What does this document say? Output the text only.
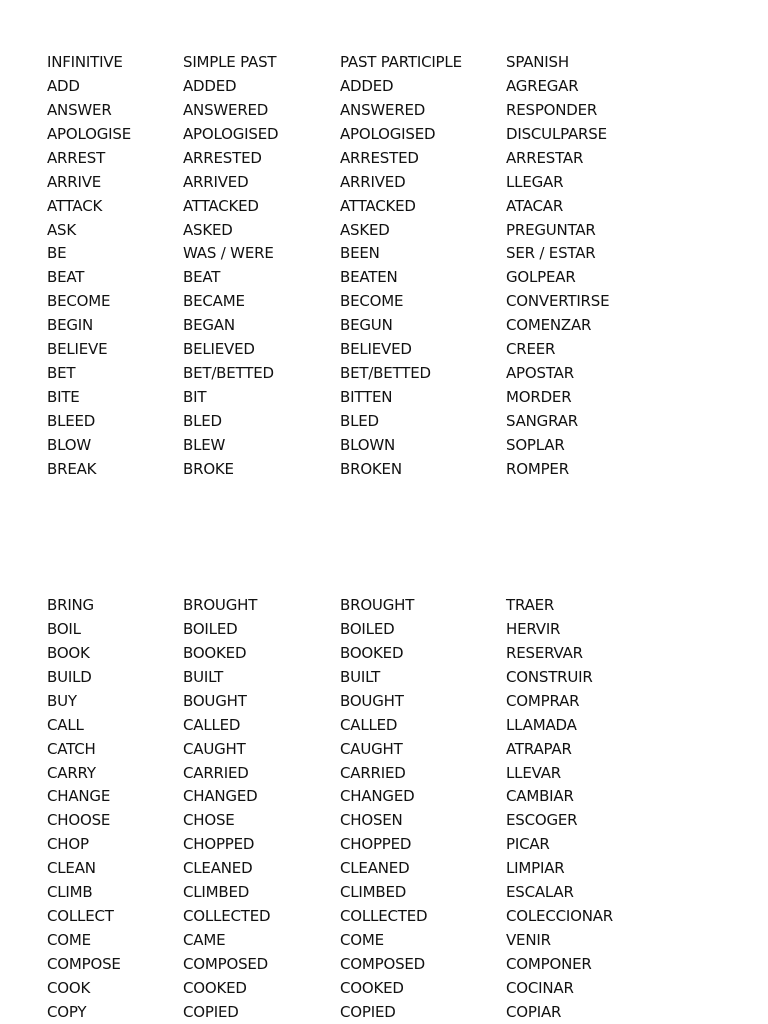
INFINITIVE	SIMPLE PAST	PAST PARTICIPLE	SPANISH
ADD	ADDED	ADDED	AGREGAR
ANSWER	ANSWERED	ANSWERED	RESPONDER
APOLOGISE	APOLOGISED	APOLOGISED	DISCULPARSE
ARREST	ARRESTED	ARRESTED	ARRESTAR
ARRIVE	ARRIVED	ARRIVED	LLEGAR
ATTACK	ATTACKED	ATTACKED	ATACAR
ASK	ASKED	ASKED	PREGUNTAR
BE	WAS / WERE	BEEN	SER / ESTAR
BEAT	BEAT	BEATEN	GOLPEAR
BECOME	BECAME	BECOME	CONVERTIRSE
BEGIN	BEGAN	BEGUN	COMENZAR
BELIEVE	BELIEVED	BELIEVED	CREER
BET	BET/BETTED	BET/BETTED	APOSTAR
BITE	BIT	BITTEN	MORDER
BLEED	BLED	BLED	SANGRAR
BLOW	BLEW	BLOWN	SOPLAR
BREAK	BROKE	BROKEN	ROMPER
BRING	BROUGHT	BROUGHT	TRAER
BOIL	BOILED	BOILED	HERVIR
BOOK	BOOKED	BOOKED	RESERVAR
BUILD	BUILT	BUILT	CONSTRUIR
BUY	BOUGHT	BOUGHT	COMPRAR
CALL	CALLED	CALLED	LLAMADA
CATCH	CAUGHT	CAUGHT	ATRAPAR
CARRY	CARRIED	CARRIED	LLEVAR
CHANGE	CHANGED	CHANGED	CAMBIAR
CHOOSE	CHOSE	CHOSEN	ESCOGER
CHOP	CHOPPED	CHOPPED	PICAR
CLEAN	CLEANED	CLEANED	LIMPIAR
CLIMB	CLIMBED	CLIMBED	ESCALAR
COLLECT	COLLECTED	COLLECTED	COLECCIONAR
COME	CAME	COME	VENIR
COMPOSE	COMPOSED	COMPOSED	COMPONER
COOK	COOKED	COOKED	COCINAR
COPY	COPIED	COPIED	COPIAR
